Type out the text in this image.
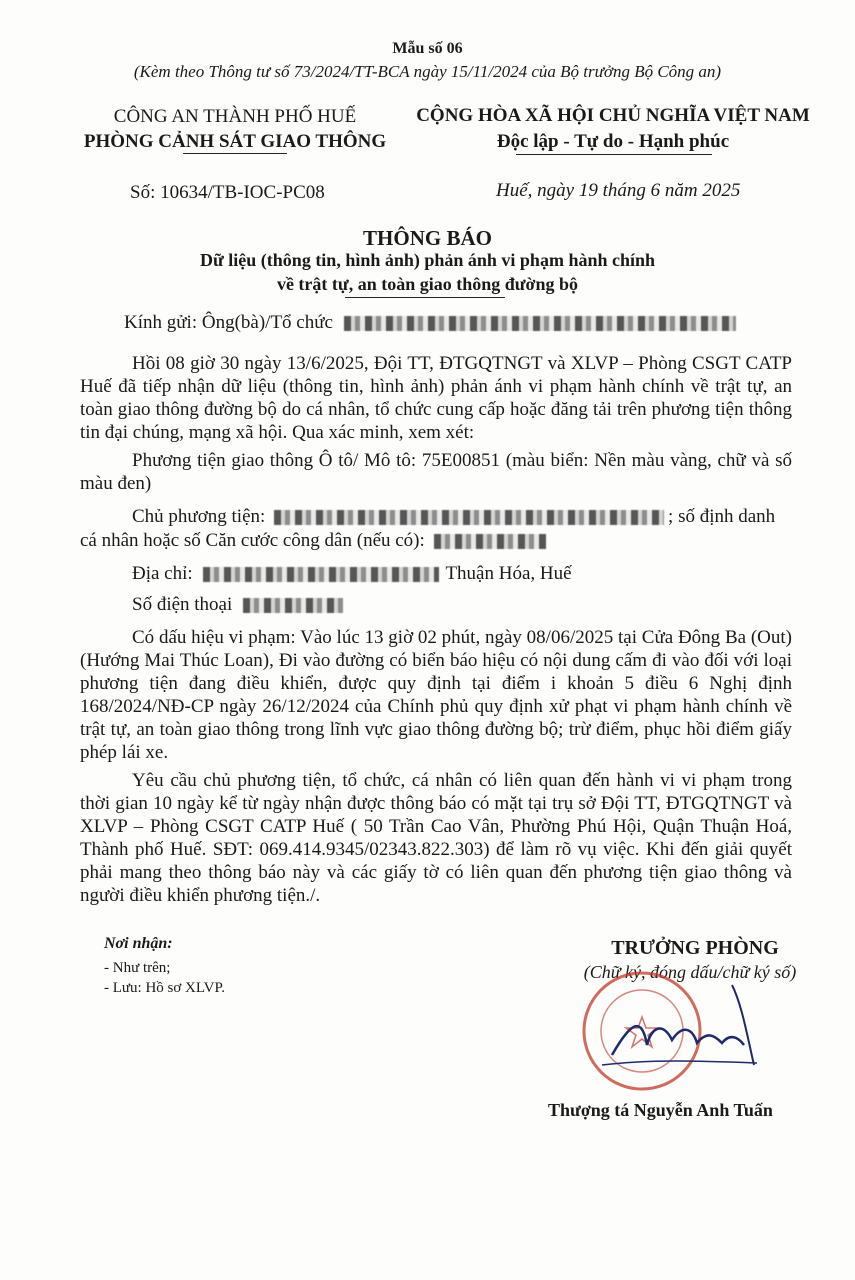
Mẫu số 06
(Kèm theo Thông tư số 73/2024/TT-BCA ngày 15/11/2024 của Bộ trưởng Bộ Công an)
CÔNG AN THÀNH PHỐ HUẾ
PHÒNG CẢNH SÁT GIAO THÔNG
CỘNG HÒA XÃ HỘI CHỦ NGHĨA VIỆT NAM
Độc lập - Tự do - Hạnh phúc
Số: 10634/TB-IOC-PC08	Huế, ngày 19 tháng 6 năm 2025
THÔNG BÁO
Dữ liệu (thông tin, hình ảnh) phản ánh vi phạm hành chính
về trật tự, an toàn giao thông đường bộ
Kính gửi: Ông(bà)/Tổ chức
Hồi 08 giờ 30 ngày 13/6/2025, Đội TT, ĐTGQTNGT và XLVP – Phòng CSGT CATP Huế đã tiếp nhận dữ liệu (thông tin, hình ảnh) phản ánh vi phạm hành chính về trật tự, an toàn giao thông đường bộ do cá nhân, tổ chức cung cấp hoặc đăng tải trên phương tiện thông tin đại chúng, mạng xã hội. Qua xác minh, xem xét:
Phương tiện giao thông Ô tô/ Mô tô: 75E00851 (màu biển: Nền màu vàng, chữ và số màu đen)
Chủ phương tiện:	; số định danh
cá nhân hoặc số Căn cước công dân (nếu có):
Địa chỉ:	Thuận Hóa, Huế
Số điện thoại
Có dấu hiệu vi phạm: Vào lúc 13 giờ 02 phút, ngày 08/06/2025 tại Cửa Đông Ba (Out) (Hướng Mai Thúc Loan), Đi vào đường có biển báo hiệu có nội dung cấm đi vào đối với loại phương tiện đang điều khiển, được quy định tại điểm i khoản 5 điều 6 Nghị định 168/2024/NĐ-CP ngày 26/12/2024 của Chính phủ quy định xử phạt vi phạm hành chính về trật tự, an toàn giao thông trong lĩnh vực giao thông đường bộ; trừ điểm, phục hồi điểm giấy phép lái xe.
Yêu cầu chủ phương tiện, tổ chức, cá nhân có liên quan đến hành vi vi phạm trong thời gian 10 ngày kể từ ngày nhận được thông báo có mặt tại trụ sở Đội TT, ĐTGQTNGT và XLVP – Phòng CSGT CATP Huế ( 50 Trần Cao Vân, Phường Phú Hội, Quận Thuận Hoá, Thành phố Huế. SĐT: 069.414.9345/02343.822.303) để làm rõ vụ việc. Khi đến giải quyết phải mang theo thông báo này và các giấy tờ có liên quan đến phương tiện giao thông và người điều khiển phương tiện./.
Nơi nhận:
- Như trên;
- Lưu: Hồ sơ XLVP.
TRƯỞNG PHÒNG
(Chữ ký, đóng dấu/chữ ký số)
Thượng tá Nguyễn Anh Tuấn
